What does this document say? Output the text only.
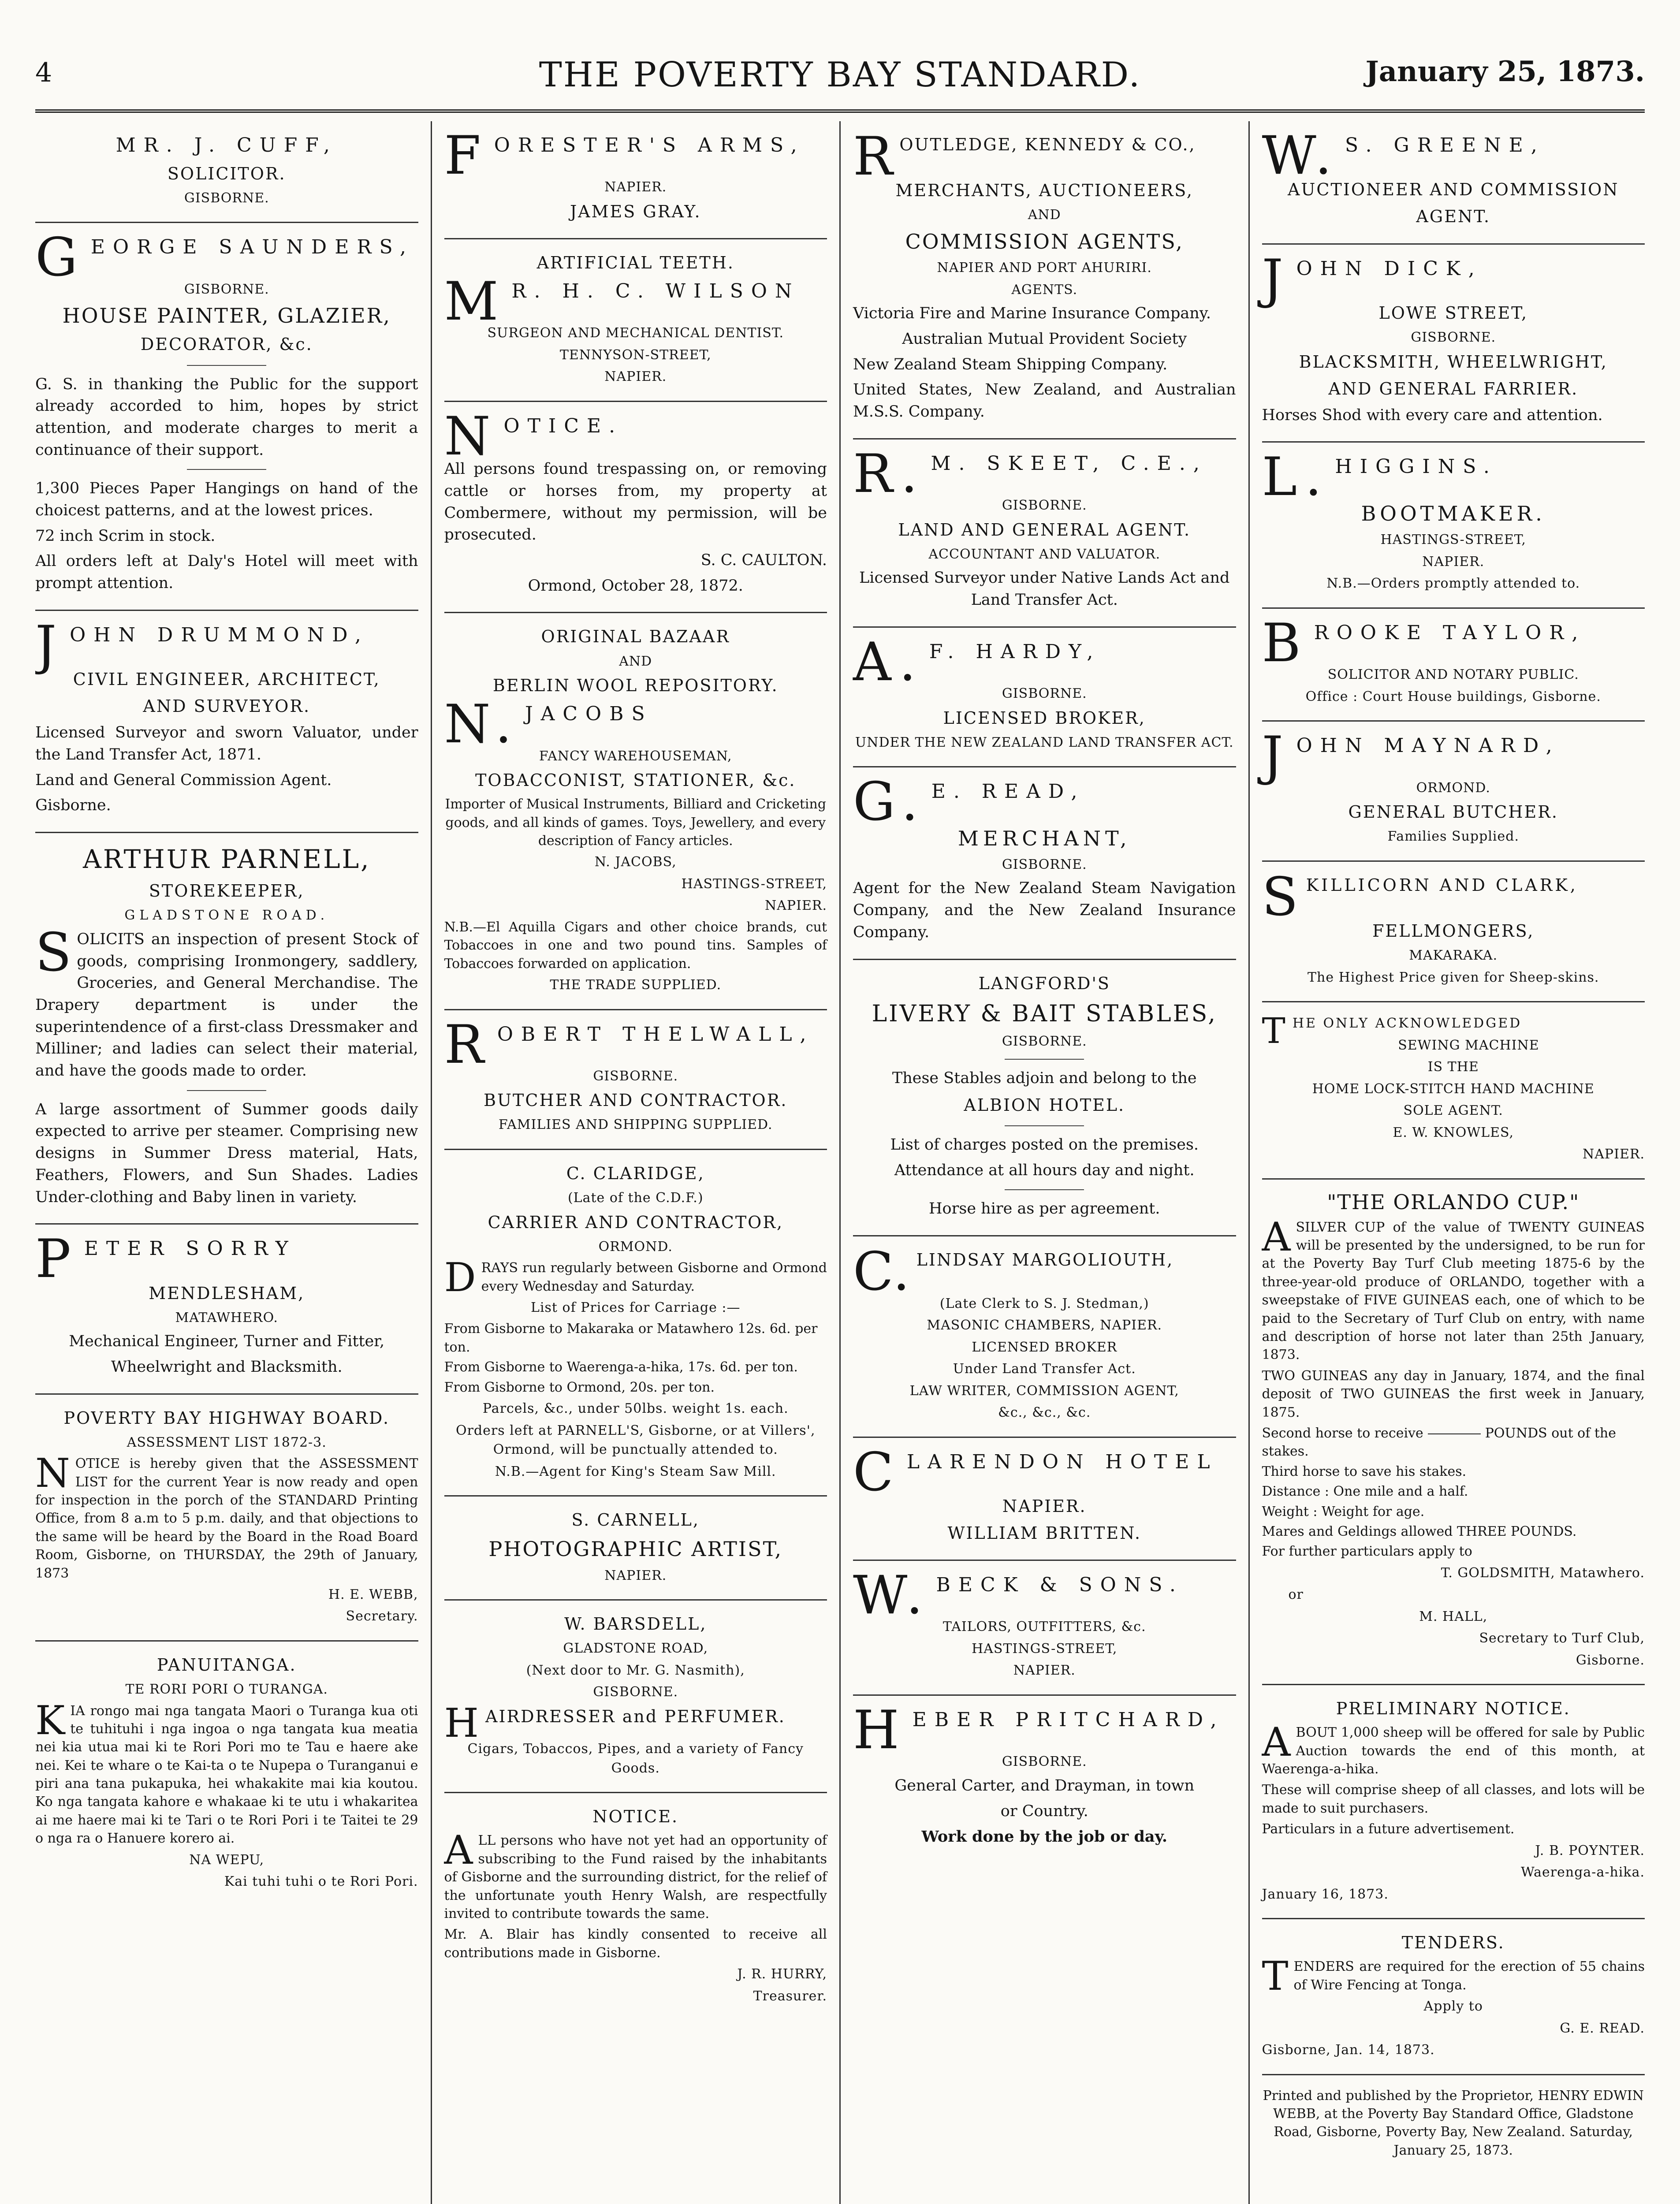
4	THE POVERTY BAY STANDARD.	January 25, 1873.
MR. J. CUFF,
SOLICITOR.
GISBORNE.
GEORGE SAUNDERS,
GISBORNE.
HOUSE PAINTER, GLAZIER,
DECORATOR, &c.

G. S. in thanking the Public for the support already accorded to him, hopes by strict attention, and moderate charges to merit a continuance of their support.

1,300 Pieces Paper Hangings on hand of the choicest patterns, and at the lowest prices.

72 inch Scrim in stock.

All orders left at Daly's Hotel will meet with prompt attention.

JOHN DRUMMOND,
CIVIL ENGINEER, ARCHITECT,
AND SURVEYOR.

Licensed Surveyor and sworn Valuator, under the Land Transfer Act, 1871.

Land and General Commission Agent.

Gisborne.

ARTHUR PARNELL,
STOREKEEPER,
GLADSTONE ROAD.

SOLICITS an inspection of present Stock of goods, comprising Ironmongery, saddlery, Groceries, and General Merchandise. The Drapery department is under the superintendence of a first-class Dressmaker and Milliner; and ladies can select their material, and have the goods made to order.

A large assortment of Summer goods daily expected to arrive per steamer. Comprising new designs in Summer Dress material, Hats, Feathers, Flowers, and Sun Shades. Ladies Under-clothing and Baby linen in variety.

PETER SORRY
MENDLESHAM,
MATAWHERO.
Mechanical Engineer, Turner and Fitter,
Wheelwright and Blacksmith.
POVERTY BAY HIGHWAY BOARD.
ASSESSMENT LIST 1872-3.

NOTICE is hereby given that the ASSESSMENT LIST for the current Year is now ready and open for inspection in the porch of the STANDARD Printing Office, from 8 a.m to 5 p.m. daily, and that objections to the same will be heard by the Board in the Road Board Room, Gisborne, on THURSDAY, the 29th of January, 1873

H. E. WEBB,
Secretary.
PANUITANGA.
TE RORI PORI O TURANGA.

KIA rongo mai nga tangata Maori o Turanga kua oti te tuhituhi i nga ingoa o nga tangata kua meatia nei kia utua mai ki te Rori Pori mo te Tau e haere ake nei. Kei te whare o te Kai-ta o te Nupepa o Turanganui e piri ana tana pukapuka, hei whakakite mai kia koutou. Ko nga tangata kahore e whakaae ki te utu i whakaritea ai me haere mai ki te Tari o te Rori Pori i te Taitei te 29 o nga ra o Hanuere korero ai.

NA WEPU,
Kai tuhi tuhi o te Rori Pori.
FORESTER'S ARMS,
NAPIER.
JAMES GRAY.
ARTIFICIAL TEETH.
M R. H. C. WILSON
SURGEON AND MECHANICAL DENTIST.
TENNYSON-STREET,
NAPIER.
NOTICE.

All persons found trespassing on, or removing cattle or horses from, my property at Combermere, without my permission, will be prosecuted.

S. C. CAULTON.
Ormond, October 28, 1872.
ORIGINAL BAZAAR
AND
BERLIN WOOL REPOSITORY.
N. JACOBS
FANCY WAREHOUSEMAN,
TOBACCONIST, STATIONER, &c.

Importer of Musical Instruments, Billiard and Cricketing goods, and all kinds of games. Toys, Jewellery, and every description of Fancy articles.

N. JACOBS,
HASTINGS-STREET,
NAPIER.

N.B.—El Aquilla Cigars and other choice brands, cut Tobaccoes in one and two pound tins. Samples of Tobaccoes forwarded on application.

THE TRADE SUPPLIED.
ROBERT THELWALL,
GISBORNE.
BUTCHER AND CONTRACTOR.
FAMILIES AND SHIPPING SUPPLIED.
C. CLARIDGE,
(Late of the C.D.F.)
CARRIER AND CONTRACTOR,
ORMOND.

DRAYS run regularly between Gisborne and Ormond every Wednesday and Saturday.

List of Prices for Carriage :—
From Gisborne to Makaraka or Matawhero 12s. 6d. per ton.
From Gisborne to Waerenga-a-hika, 17s. 6d. per ton.
From Gisborne to Ormond, 20s. per ton.
Parcels, &c., under 50lbs. weight 1s. each.
Orders left at PARNELL'S, Gisborne, or at Villers', Ormond, will be punctually attended to.
N.B.—Agent for King's Steam Saw Mill.
S. CARNELL,
PHOTOGRAPHIC ARTIST,
NAPIER.
W. BARSDELL,
GLADSTONE ROAD,
(Next door to Mr. G. Nasmith),
GISBORNE.
HAIRDRESSER and PERFUMER.
Cigars, Tobaccos, Pipes, and a variety of Fancy Goods.
NOTICE.

ALL persons who have not yet had an opportunity of subscribing to the Fund raised by the inhabitants of Gisborne and the surrounding district, for the relief of the unfortunate youth Henry Walsh, are respectfully invited to contribute towards the same.

Mr. A. Blair has kindly consented to receive all contributions made in Gisborne.

J. R. HURRY,
Treasurer.
ROUTLEDGE, KENNEDY & CO.,
MERCHANTS, AUCTIONEERS,
AND
COMMISSION AGENTS,
NAPIER AND PORT AHURIRI.
AGENTS.

Victoria Fire and Marine Insurance Company.

Australian Mutual Provident Society

New Zealand Steam Shipping Company.

United States, New Zealand, and Australian M.S.S. Company.

R. M. SKEET, C.E.,
GISBORNE.
LAND AND GENERAL AGENT.
ACCOUNTANT AND VALUATOR.

Licensed Surveyor under Native Lands Act and Land Transfer Act.

A. F. HARDY,
GISBORNE.
LICENSED BROKER,
UNDER THE NEW ZEALAND LAND TRANSFER ACT.
G. E. READ,
MERCHANT,
GISBORNE.

Agent for the New Zealand Steam Navigation Company, and the New Zealand Insurance Company.

LANGFORD'S
LIVERY & BAIT STABLES,
GISBORNE.

These Stables adjoin and belong to the

ALBION HOTEL.

List of charges posted on the premises.

Attendance at all hours day and night.

Horse hire as per agreement.

C. LINDSAY MARGOLIOUTH,
(Late Clerk to S. J. Stedman,)
MASONIC CHAMBERS, NAPIER.
LICENSED BROKER
Under Land Transfer Act.
LAW WRITER, COMMISSION AGENT,
&c., &c., &c.
CLARENDON HOTEL
NAPIER.
WILLIAM BRITTEN.
W. BECK & SONS.
TAILORS, OUTFITTERS, &c.
HASTINGS-STREET,
NAPIER.
HEBER PRITCHARD,
GISBORNE.
General Carter, and Drayman, in town
or Country.
Work done by the job or day.
W. S. GREENE,
AUCTIONEER AND COMMISSION
AGENT.
JOHN DICK,
LOWE STREET,
GISBORNE.
BLACKSMITH, WHEELWRIGHT,
AND GENERAL FARRIER.

Horses Shod with every care and attention.

L. HIGGINS.
BOOTMAKER.
HASTINGS-STREET,
NAPIER.
N.B.—Orders promptly attended to.
BROOKE TAYLOR,
SOLICITOR AND NOTARY PUBLIC.
Office : Court House buildings, Gisborne.
JOHN MAYNARD,
ORMOND.
GENERAL BUTCHER.
Families Supplied.
SKILLICORN AND CLARK,
FELLMONGERS,
MAKARAKA.
The Highest Price given for Sheep-skins.
THE ONLY ACKNOWLEDGED
SEWING MACHINE
IS THE
HOME LOCK-STITCH HAND MACHINE
SOLE AGENT.
E. W. KNOWLES,
NAPIER.
"THE ORLANDO CUP."

ASILVER CUP of the value of TWENTY GUINEAS will be presented by the undersigned, to be run for at the Poverty Bay Turf Club meeting 1875-6 by the three-year-old produce of ORLANDO, together with a sweepstake of FIVE GUINEAS each, one of which to be paid to the Secretary of Turf Club on entry, with name and description of horse not later than 25th January, 1873.

TWO GUINEAS any day in January, 1874, and the final deposit of TWO GUINEAS the first week in January, 1875.

Second horse to receive	POUNDS out of the stakes.
Third horse to save his stakes.
Distance : One mile and a half.
Weight : Weight for age.
Mares and Geldings allowed THREE POUNDS.
For further particulars apply to
T. GOLDSMITH, Matawhero.
or
M. HALL,
Secretary to Turf Club,
Gisborne.
PRELIMINARY NOTICE.

ABOUT 1,000 sheep will be offered for sale by Public Auction towards the end of this month, at Waerenga-a-hika.

These will comprise sheep of all classes, and lots will be made to suit purchasers.

Particulars in a future advertisement.

J. B. POYNTER.
Waerenga-a-hika.
January 16, 1873.
TENDERS.

TENDERS are required for the erection of 55 chains of Wire Fencing at Tonga.

Apply to
G. E. READ.
Gisborne, Jan. 14, 1873.

Printed and published by the Proprietor, HENRY EDWIN WEBB, at the Poverty Bay Standard Office, Gladstone Road, Gisborne, Poverty Bay, New Zealand. Saturday, January 25, 1873.
